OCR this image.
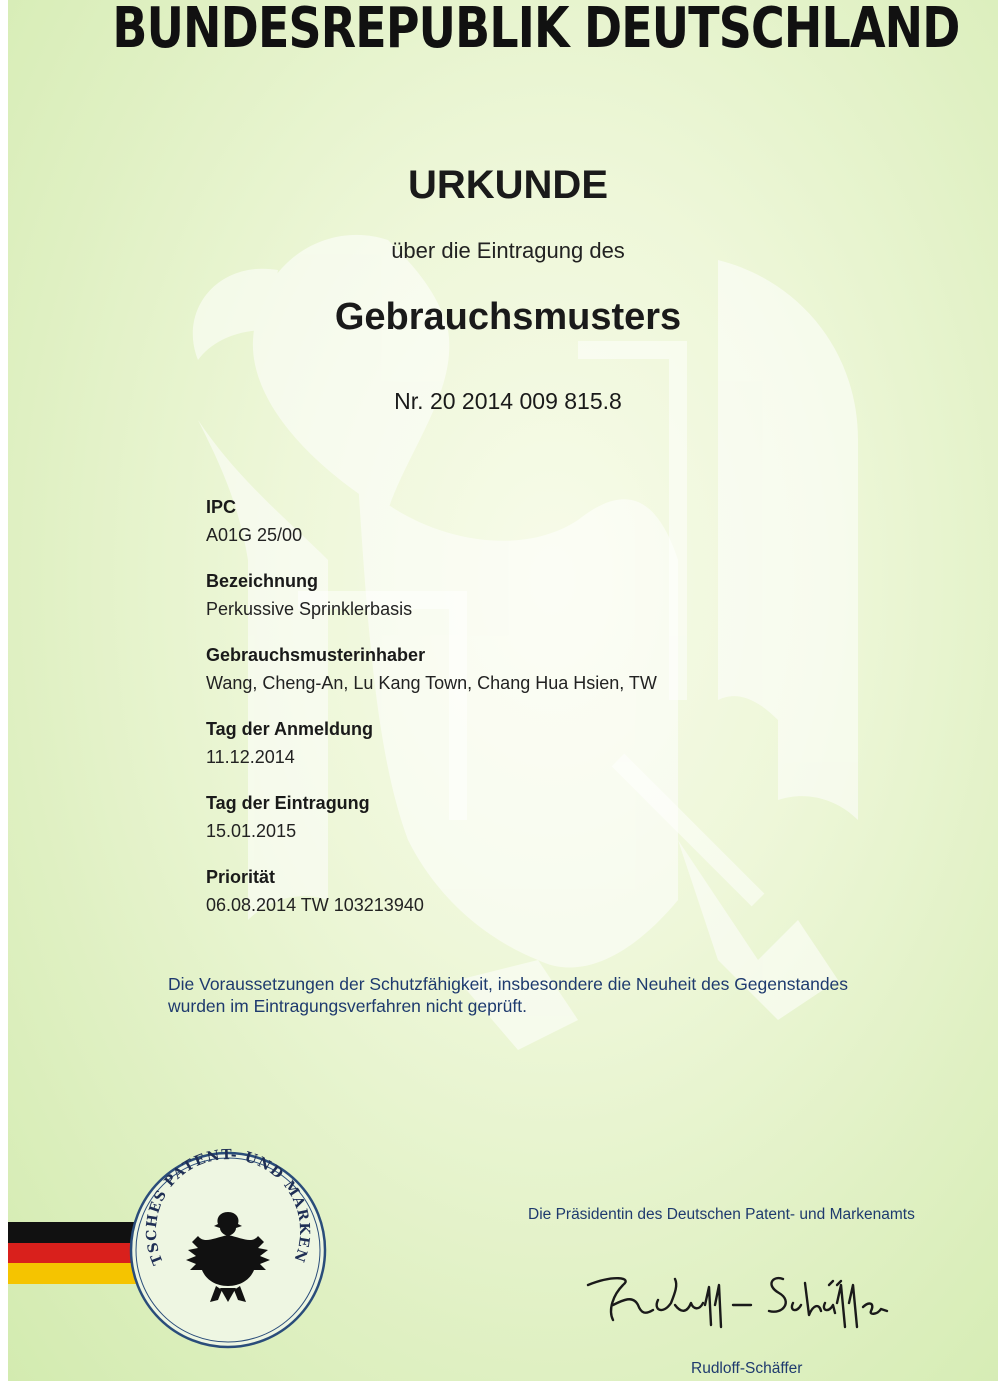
BUNDESREPUBLIK DEUTSCHLAND
URKUNDE
über die Eintragung des
Gebrauchsmusters
Nr. 20 2014 009 815.8
IPC
A01G 25/00
Bezeichnung
Perkussive Sprinklerbasis
Gebrauchsmusterinhaber
Wang, Cheng-An, Lu Kang Town, Chang Hua Hsien, TW
Tag der Anmeldung
11.12.2014
Tag der Eintragung
15.01.2015
Priorität
06.08.2014 TW 103213940
Die Voraussetzungen der Schutzfähigkeit, insbesondere die Neuheit des Gegenstandes
wurden im Eintragungsverfahren nicht geprüft.
Die Präsidentin des Deutschen Patent- und Markenamts
Rudloff-Schäffer
TSCHES PATENT- UND MARKEN
